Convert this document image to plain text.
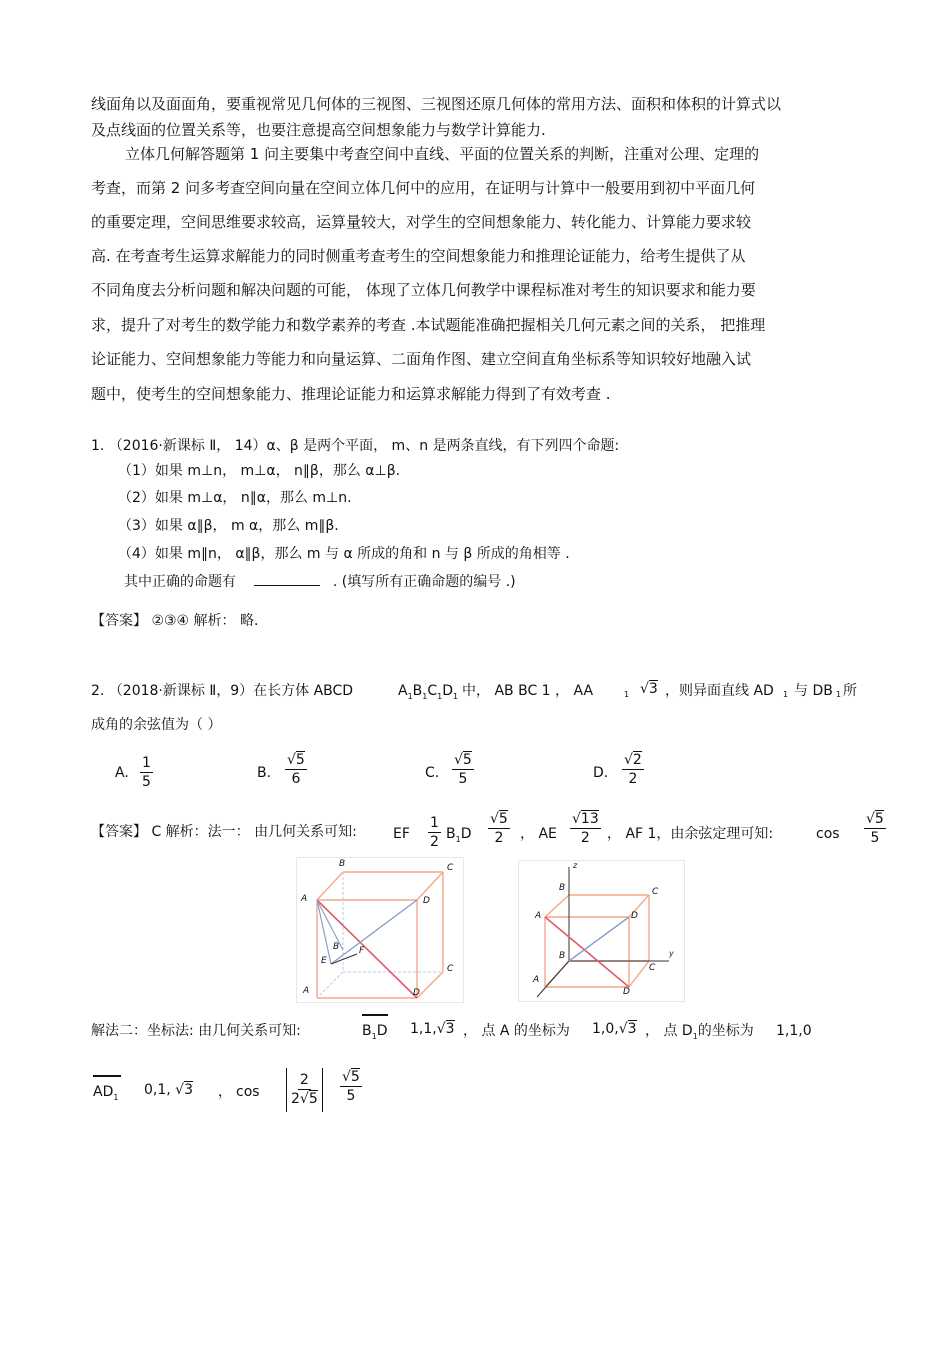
线面角以及面面角，要重视常见几何体的三视图、三视图还原几何体的常用方法、面积和体积的计算式以
及点线面的位置关系等，也要注意提高空间想象能力与数学计算能力.
立体几何解答题第 1 问主要集中考查空间中直线、平面的位置关系的判断，注重对公理、定理的
考查，而第 2 问多考查空间向量在空间立体几何中的应用，在证明与计算中一般要用到初中平面几何
的重要定理，空间思维要求较高，运算量较大，对学生的空间想象能力、转化能力、计算能力要求较
高. 在考查考生运算求解能力的同时侧重考查考生的空间想象能力和推理论证能力，给考生提供了从
不同角度去分析问题和解决问题的可能， 体现了立体几何教学中课程标准对考生的知识要求和能力要
求，提升了对考生的数学能力和数学素养的考查 .本试题能准确把握相关几何元素之间的关系， 把推理
论证能力、空间想象能力等能力和向量运算、二面角作图、建立空间直角坐标系等知识较好地融入试
题中，使考生的空间想象能力、推理论证能力和运算求解能力得到了有效考查 .
1. （2016·新课标 Ⅱ， 14）α、β 是两个平面， m、n 是两条直线，有下列四个命题:
（1）如果 m⊥n， m⊥α， n∥β，那么 α⊥β.
（2）如果 m⊥α， n∥α，那么 m⊥n.
（3）如果 α∥β， m α，那么 m∥β.
（4）如果 m∥n， α∥β，那么 m 与 α 所成的角和 n 与 β 所成的角相等 .
其中正确的命题有	. (填写所有正确命题的编号 .)
【答案】 ②③④ 解析： 略.
2. （2018·新课标 Ⅱ，9）在长方体 ABCD	$A_1B_1C_1D_1$ 中， AB BC 1 ， AA	1 √3 ，则异面直线 AD 1 与 DB 1 所
成角的余弦值为（ ）
A. $\frac{1}{5}$	B. $\frac{√5}{6}$	C. $\frac{√5}{5}$	D. $\frac{√2}{2}$
【答案】 C 解析：法一： 由几何关系可知:	EF $\frac{1}{2} B_1D \frac{√5}{2}$ ， AE $\frac{√13}{2}$ ， AF 1，由余弦定理可知:	$\cos \frac{√5}{5}$
B	C
A	D
B F
E
C
A	D
z
B	C
A	D
B
C
y
A
D
解法二：坐标法: 由几何关系可知:	$B_1D$ 1,1,√3 ， 点 A 的坐标为 1,0,√3 ， 点 $D_1$的坐标为 1,1,0
$AD_1$ 0,1, √3 ， $\cos \frac{2}{2√5} \frac{√5}{5}$
